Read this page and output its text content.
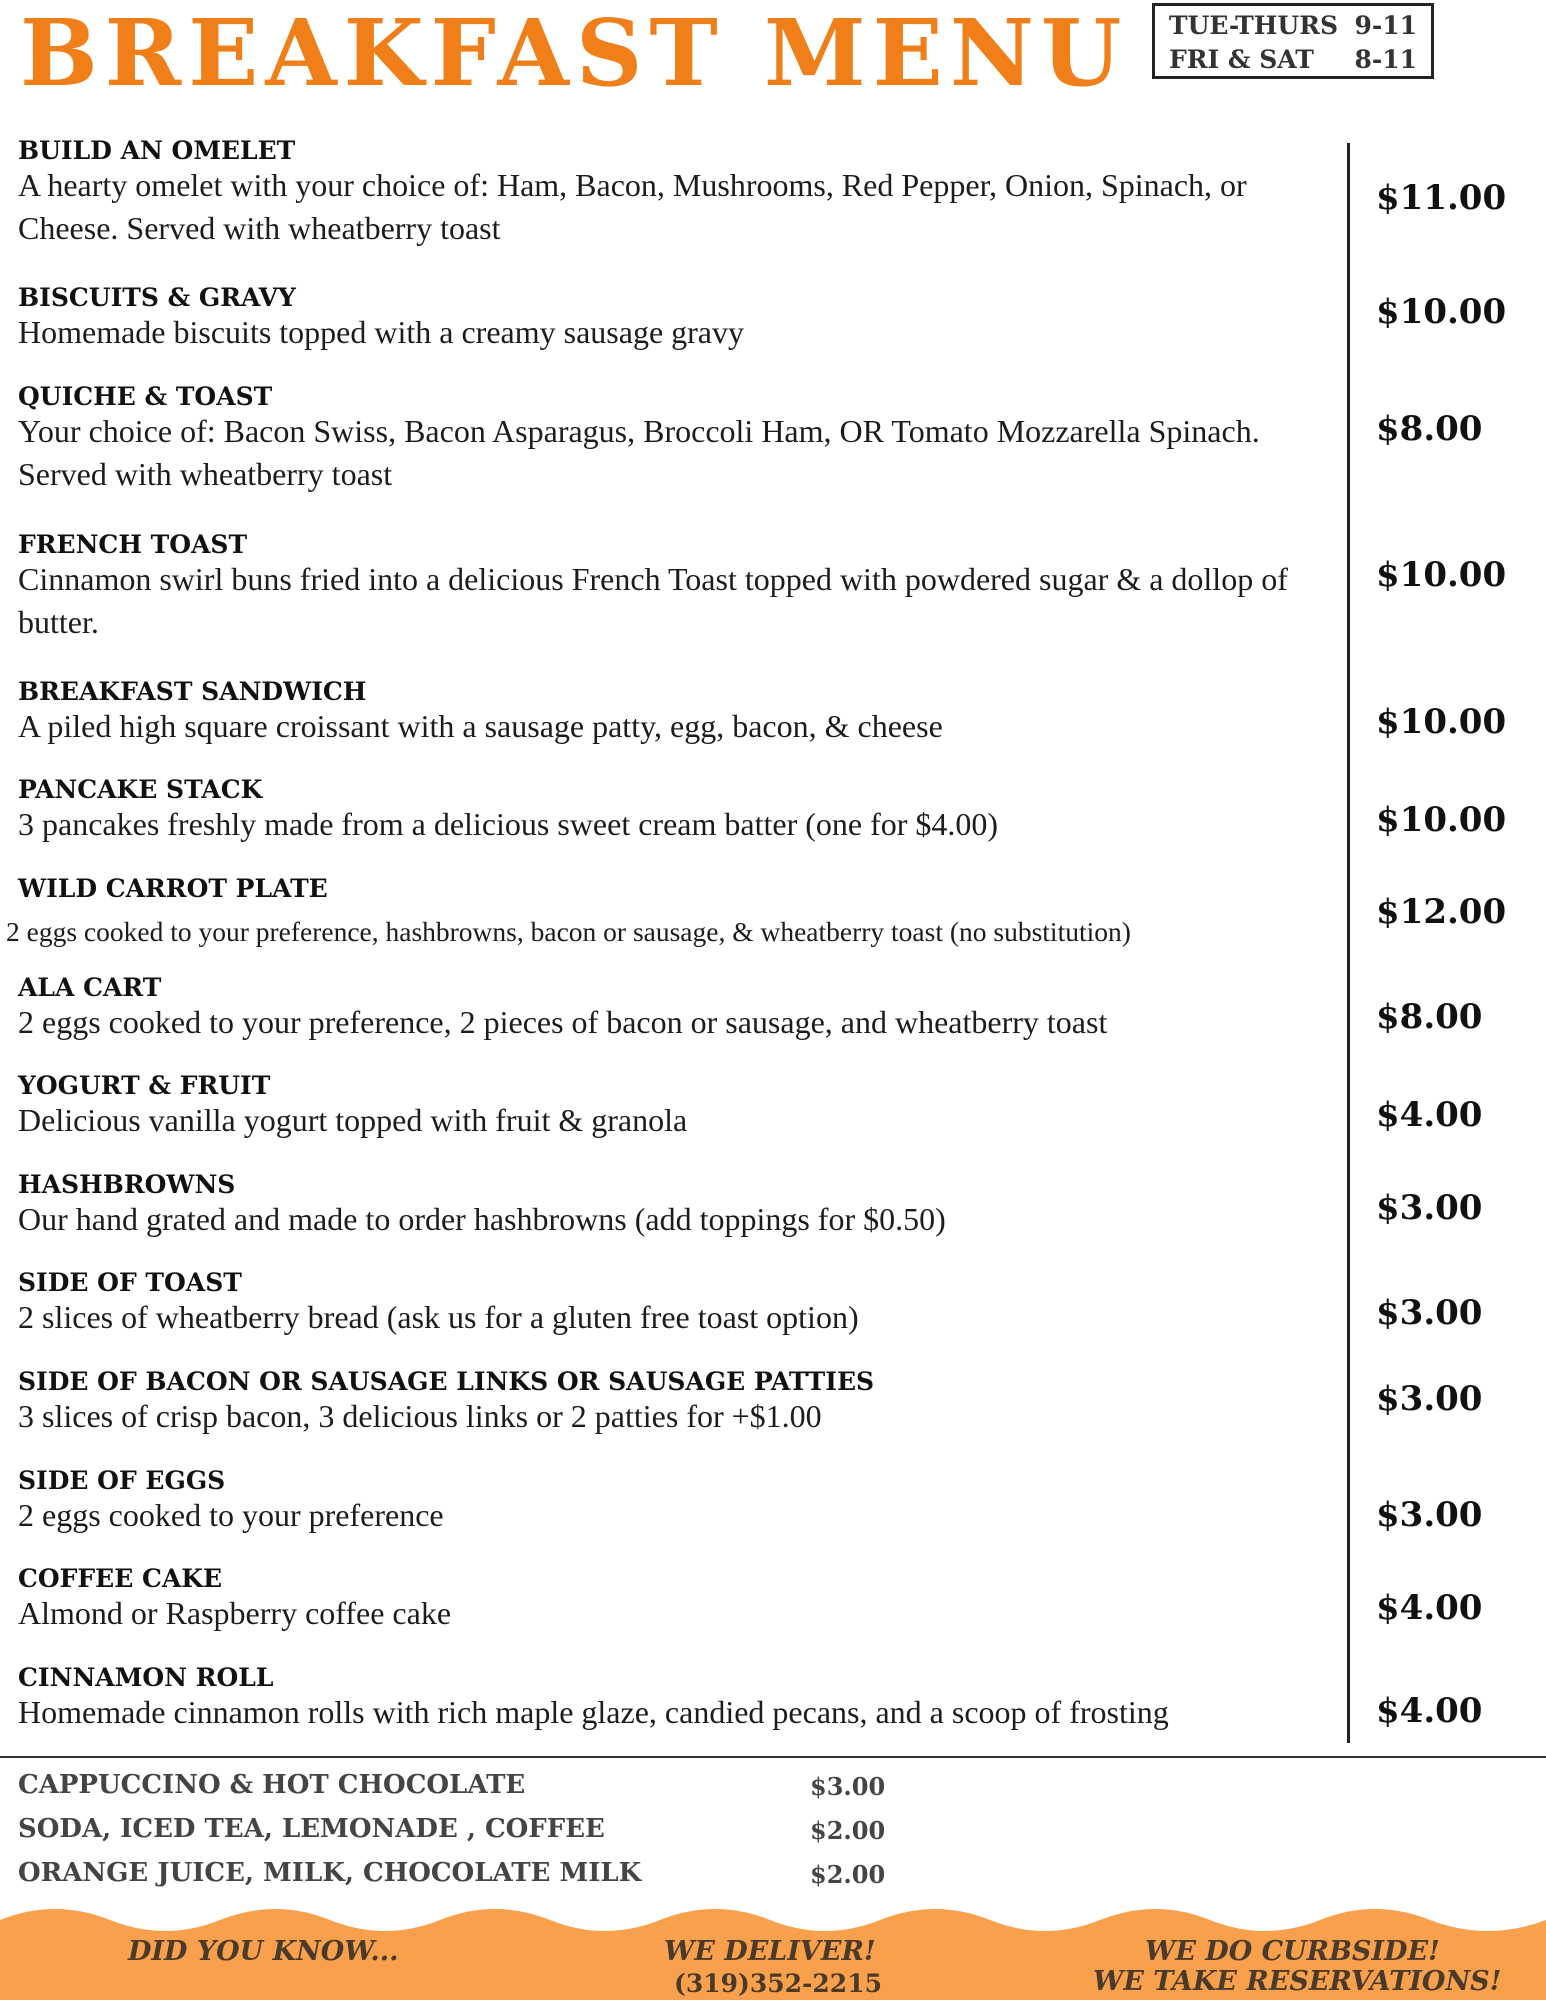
BREAKFAST MENU TUE-THURS 9-11
FRI & SAT 8-11
BUILD AN OMELET
A hearty omelet with your choice of: Ham, Bacon, Mushrooms, Red Pepper, Onion, Spinach, or Cheese. Served with wheatberry toast
$11.00
BISCUITS & GRAVY
Homemade biscuits topped with a creamy sausage gravy	$10.00
QUICHE & TOAST
Your choice of: Bacon Swiss, Bacon Asparagus, Broccoli Ham, OR Tomato Mozzarella Spinach. Served with wheatberry toast
$8.00
FRENCH TOAST
Cinnamon swirl buns fried into a delicious French Toast topped with powdered sugar & a dollop of butter.
$10.00
BREAKFAST SANDWICH
A piled high square croissant with a sausage patty, egg, bacon, & cheese	$10.00
PANCAKE STACK
3 pancakes freshly made from a delicious sweet cream batter (one for $4.00)	$10.00
WILD CARROT PLATE
2 eggs cooked to your preference, hashbrowns, bacon or sausage, & wheatberry toast (no substitution)	$12.00
ALA CART
2 eggs cooked to your preference, 2 pieces of bacon or sausage, and wheatberry toast	$8.00
YOGURT & FRUIT
Delicious vanilla yogurt topped with fruit & granola	$4.00
HASHBROWNS
Our hand grated and made to order hashbrowns (add toppings for $0.50)	$3.00
SIDE OF TOAST
2 slices of wheatberry bread (ask us for a gluten free toast option)	$3.00
SIDE OF BACON OR SAUSAGE LINKS OR SAUSAGE PATTIES
3 slices of crisp bacon, 3 delicious links or 2 patties for +$1.00	$3.00
SIDE OF EGGS
2 eggs cooked to your preference	$3.00
COFFEE CAKE
Almond or Raspberry coffee cake	$4.00
CINNAMON ROLL
Homemade cinnamon rolls with rich maple glaze, candied pecans, and a scoop of frosting	$4.00
CAPPUCCINO & HOT CHOCOLATE	$3.00
SODA, ICED TEA, LEMONADE , COFFEE	$2.00
ORANGE JUICE, MILK, CHOCOLATE MILK	$2.00
DID YOU KNOW...	WE DELIVER!
(319)352-2215
WE DO CURBSIDE!
WE TAKE RESERVATIONS!
